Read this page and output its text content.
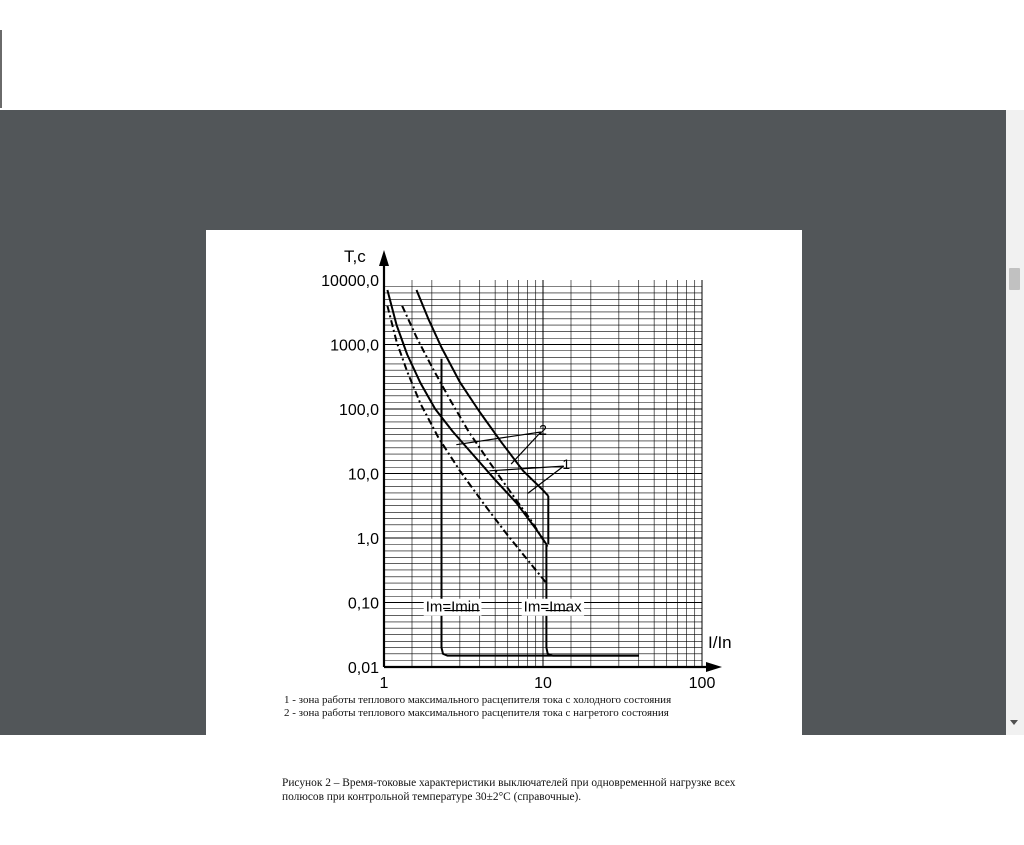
T,c
I/In
10000,0
1000,0
100,0
10,0
1,0
0,10
0,01
1	10	100
2
1
Im=Imin	Im=Imax
1 - зона работы теплового максимального расцепителя тока с холодного состояния
2 - зона работы теплового максимального расцепителя тока с нагретого состояния
Рисунок 2 – Время-токовые характеристики выключателей при одновременной нагрузке всех
полюсов при контрольной температуре 30±2°С (справочные).
